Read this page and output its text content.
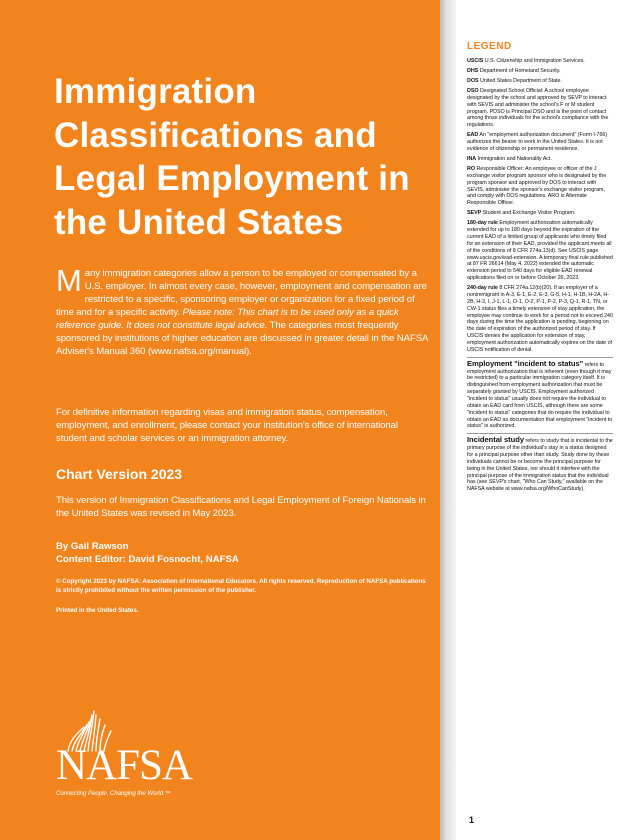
Immigration Classifications and Legal Employment in the United States

Many immigration categories allow a person to be employed or compensated by a U.S. employer. In almost every case, however, employment and compensation are restricted to a specific, sponsoring employer or organization for a fixed period of time and for a specific activity. Please note: This chart is to be used only as a quick reference guide. It does not constitute legal advice. The categories most frequently sponsored by institutions of higher education are discussed in greater detail in the NAFSA Adviser's Manual 360 (www.nafsa.org/manual).

For definitive information regarding visas and immigration status, compensation, employment, and enrollment, please contact your institution's office of international student and scholar services or an immigration attorney.

Chart Version 2023

This version of Immigration Classifications and Legal Employment of Foreign Nationals in the United States was revised in May 2023.

By Gail Rawson

Content Editor: David Fosnocht, NAFSA

© Copyright 2023 by NAFSA: Association of International Educators. All rights reserved. Reproduction of NAFSA publications is strictly prohibited without the written permission of the publisher.

Printed in the United States.

NAFSA

Connecting People. Changing the World.™

LEGEND
USCIS U.S. Citizenship and Immigration Services.
DHS Department of Homeland Security.
DOS United States Department of State.
DSO Designated School Official: A school employee designated by the school and approved by SEVP to interact with SEVIS and administer the school's F or M student program. PDSO is Principal DSO and is the point of contact among those individuals for the school's compliance with the regulations.
EAD An "employment authorization document" (Form I-766) authorizes the bearer to work in the United States. It is not evidence of citizenship or permanent residence.
INA Immigration and Nationality Act.
RO Responsible Officer: An employee or officer of the J exchange visitor program sponsor who is designated by the program sponsor and approved by DOS to interact with SEVIS, administer the sponsor's exchange visitor program, and comply with DOS regulations. ARO is Alternate Responsible Officer.
SEVP Student and Exchange Visitor Program.
180-day rule Employment authorization automatically extended for up to 180 days beyond the expiration of the current EAD of a limited group of applicants who timely filed for an extension of their EAD, provided the applicant meets all of the conditions of 8 CFR 274a.13(d). See USCIS page www.uscis.gov/ead-extension. A temporary final rule published at 87 FR 26614 (May 4, 2022) extended the automatic extension period to 540 days for eligible EAD renewal applications filed on or before October 26, 2023.
240-day rule 8 CFR 274a.12(b)(20). If an employer of a nonimmigrant in A-3, E-1, E-2, E-3, G-5, H-1, H-1B, H-2A, H-2B, H-3, I, J-1, L-1, O-1, O-2, P-1, P-2, P-3, Q-1, R-1, TN, or CW-1 status files a timely extension of stay application, the employee may continue to work for a period not to exceed 240 days during the time the application is pending, beginning on the date of expiration of the authorized period of stay. If USCIS denies the application for extension of stay, employment authorization automatically expires on the date of USCIS notification of denial.
Employment "incident to status" refers to employment authorization that is inherent (even though it may be restricted) to a particular immigration category itself. It is distinguished from employment authorization that must be separately granted by USCIS. Employment authorized "incident to status" usually does not require the individual to obtain an EAD card from USCIS, although there are some "incident to status" categories that do require the individual to obtain an EAD as documentation that employment "incident to status" is authorized.
Incidental study refers to study that is incidental to the primary purpose of the individual's stay in a status designed for a principal purpose other than study. Study done by these individuals cannot be or become the principal purpose for being in the United States, nor should it interfere with the principal purpose of the immigration status that the individual has (see SEVP's chart, "Who Can Study," available on the NAFSA website at www.nafsa.org/WhoCanStudy).

1
